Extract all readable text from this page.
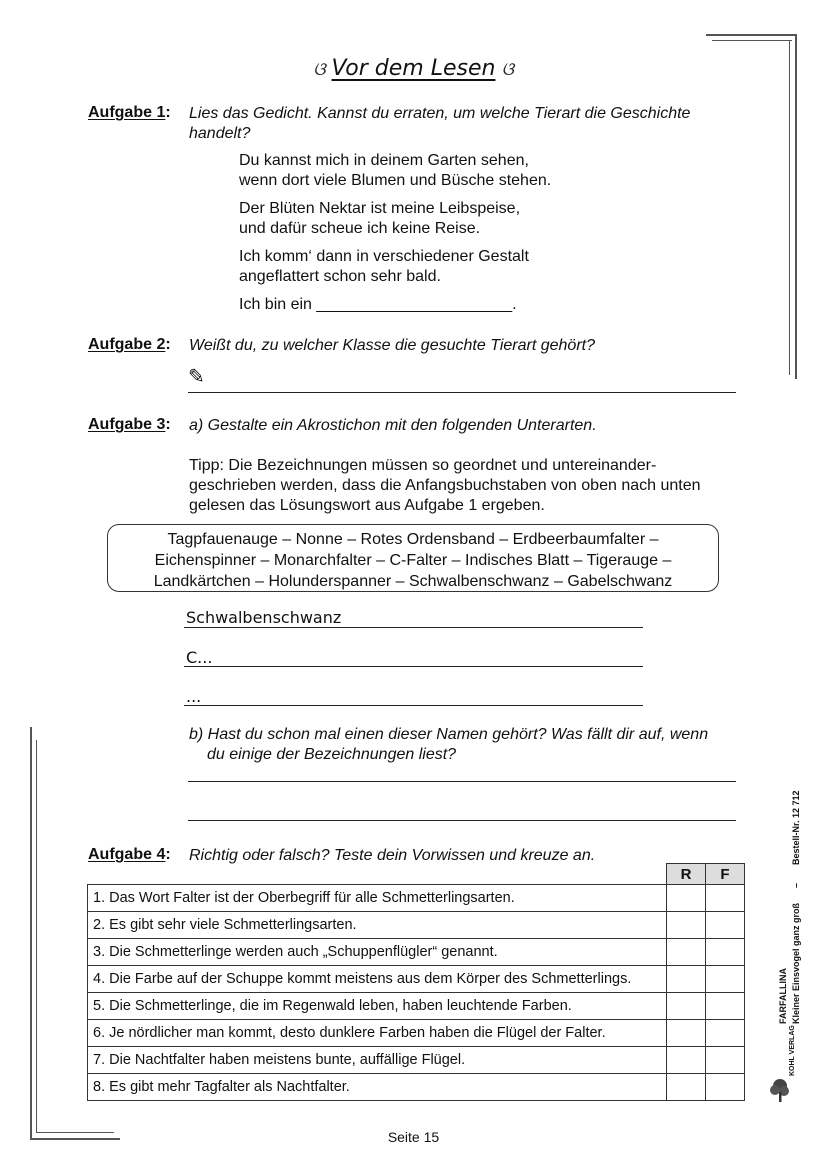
ଓ Vor dem Lesen ଓ
Aufgabe 1: Lies das Gedicht. Kannst du erraten, um welche Tierart die Geschichte
handelt?
Du kannst mich in deinem Garten sehen,
wenn dort viele Blumen und Büsche stehen.
Der Blüten Nektar ist meine Leibspeise,
und dafür scheue ich keine Reise.
Ich komm‘ dann in verschiedener Gestalt
angeflattert schon sehr bald.
Ich bin ein ______________________.
Aufgabe 2: Weißt du, zu welcher Klasse die gesuchte Tierart gehört?
✎
Aufgabe 3: a) Gestalte ein Akrostichon mit den folgenden Unterarten.
Tipp: Die Bezeichnungen müssen so geordnet und untereinander-
geschrieben werden, dass die Anfangsbuchstaben von oben nach unten
gelesen das Lösungswort aus Aufgabe 1 ergeben.
Tagpfauenauge – Nonne – Rotes Ordensband – Erdbeerbaumfalter –
Eichenspinner – Monarchfalter – C-Falter – Indisches Blatt – Tigerauge –
Landkärtchen – Holunderspanner – Schwalbenschwanz – Gabelschwanz
Schwalbenschwanz
C...
...
b) Hast du schon mal einen dieser Namen gehört? Was fällt dir auf, wenn
du einige der Bezeichnungen liest?
Aufgabe 4: Richtig oder falsch? Teste dein Vorwissen und kreuze an.
	R	F
1. Das Wort Falter ist der Oberbegriff für alle Schmetterlingsarten.		
2. Es gibt sehr viele Schmetterlingsarten.		
3. Die Schmetterlinge werden auch „Schuppenflügler“ genannt.		
4. Die Farbe auf der Schuppe kommt meistens aus dem Körper des Schmetterlings.		
5. Die Schmetterlinge, die im Regenwald leben, haben leuchtende Farben.		
6. Je nördlicher man kommt, desto dunklere Farben haben die Flügel der Falter.		
7. Die Nachtfalter haben meistens bunte, auffällige Flügel.		
8. Es gibt mehr Tagfalter als Nachtfalter.		
Bestell-Nr. 12 712
–
FARFALLINA Kleiner Einsvogel ganz groß
KOHL VERLAG
Seite 15
